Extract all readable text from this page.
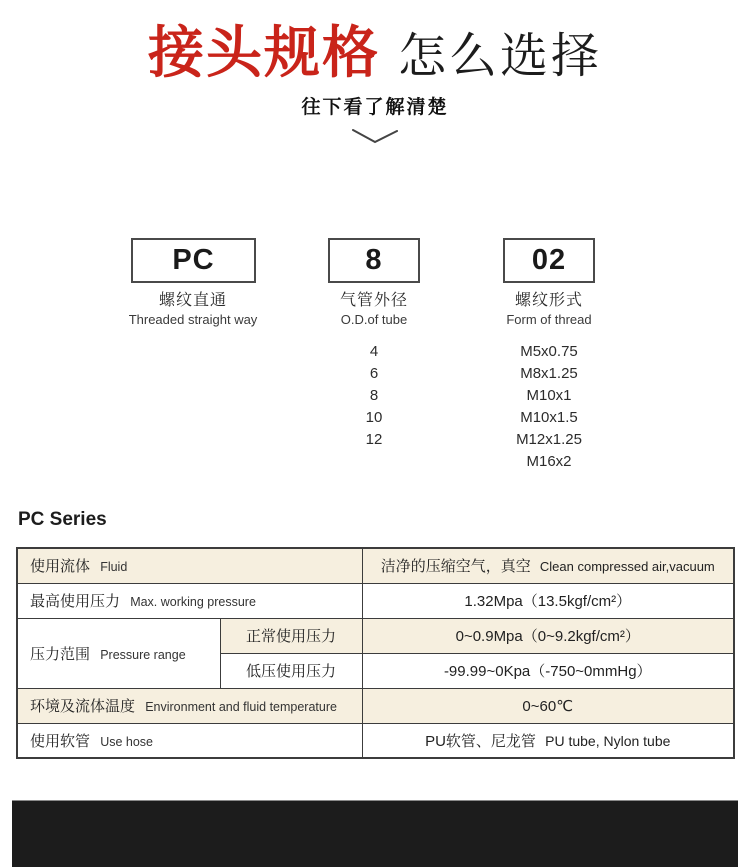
接头规格 怎么选择
往下看了解清楚
PC	8	02
螺纹直通
Threaded straight way
气管外径
O.D.of tube
螺纹形式
Form of thread
4
6
8
10
12
M5x0.75
M8x1.25
M10x1
M10x1.5
M12x1.25
M16x2
PC Series
使用流体 Fluid		洁净的压缩空气，真空 Clean compressed air,vacuum
最高使用压力 Max. working pressure		1.32Mpa（13.5kgf/cm²）
压力范围 Pressure range	正常使用压力	0~0.9Mpa（0~9.2kgf/cm²）
	低压使用压力	-99.99~0Kpa（-750~0mmHg）
环境及流体温度 Environment and fluid temperature		0~60℃
使用软管 Use hose		PU软管、尼龙管 PU tube, Nylon tube
